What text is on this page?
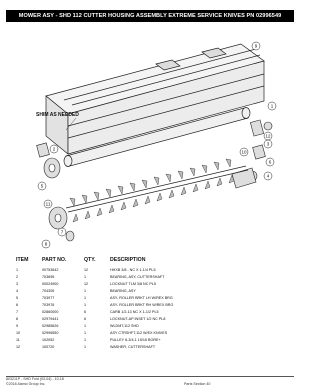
MOWER ASY - SHD 112 CUTTER HOUSING ASSEMBLY EXTREME SERVICE KNIVES PN 02996549
SHIM AS NEEDED
9
1
12
3
6
4
10
2
11
5
7
8
ITEM	PART NO.	QTY.	DESCRIPTION
1	00753642	12	HHXB 3/8 - NC X 1-1/4 PL5
2	703695	1	BEARING, ASY, CUTTERSHAFT
3	00024900	12	LOCKNUT TLM 3/8 NC PL5
4	704305	1	BEARING, ASY
5	703977	1	ASY- ROLLER BRKT LH W/REX BRG
6	703976	1	ASY- ROLLER BRKT RH W/REX BRG
7	02860000	6	CARB 1/2-13 NC X 1-1/2 PL5
8	02979441	6	LOCKNUT-AP INSET 1/2 NC PL8
9	02985626	1	WLDMT,112 SHD
10	02996550	1	ASY CTRSHFT,112 W/EX KNIVES
11	102052	1	PULLEY 6-3/4-1 15/16 BORE+
12	100720	1	WASHER, CUTTERSHAFT
803211P - SHD Fold (03-04) - 10-18
©2018 Alamo Group Inc.	Parts Section 40
